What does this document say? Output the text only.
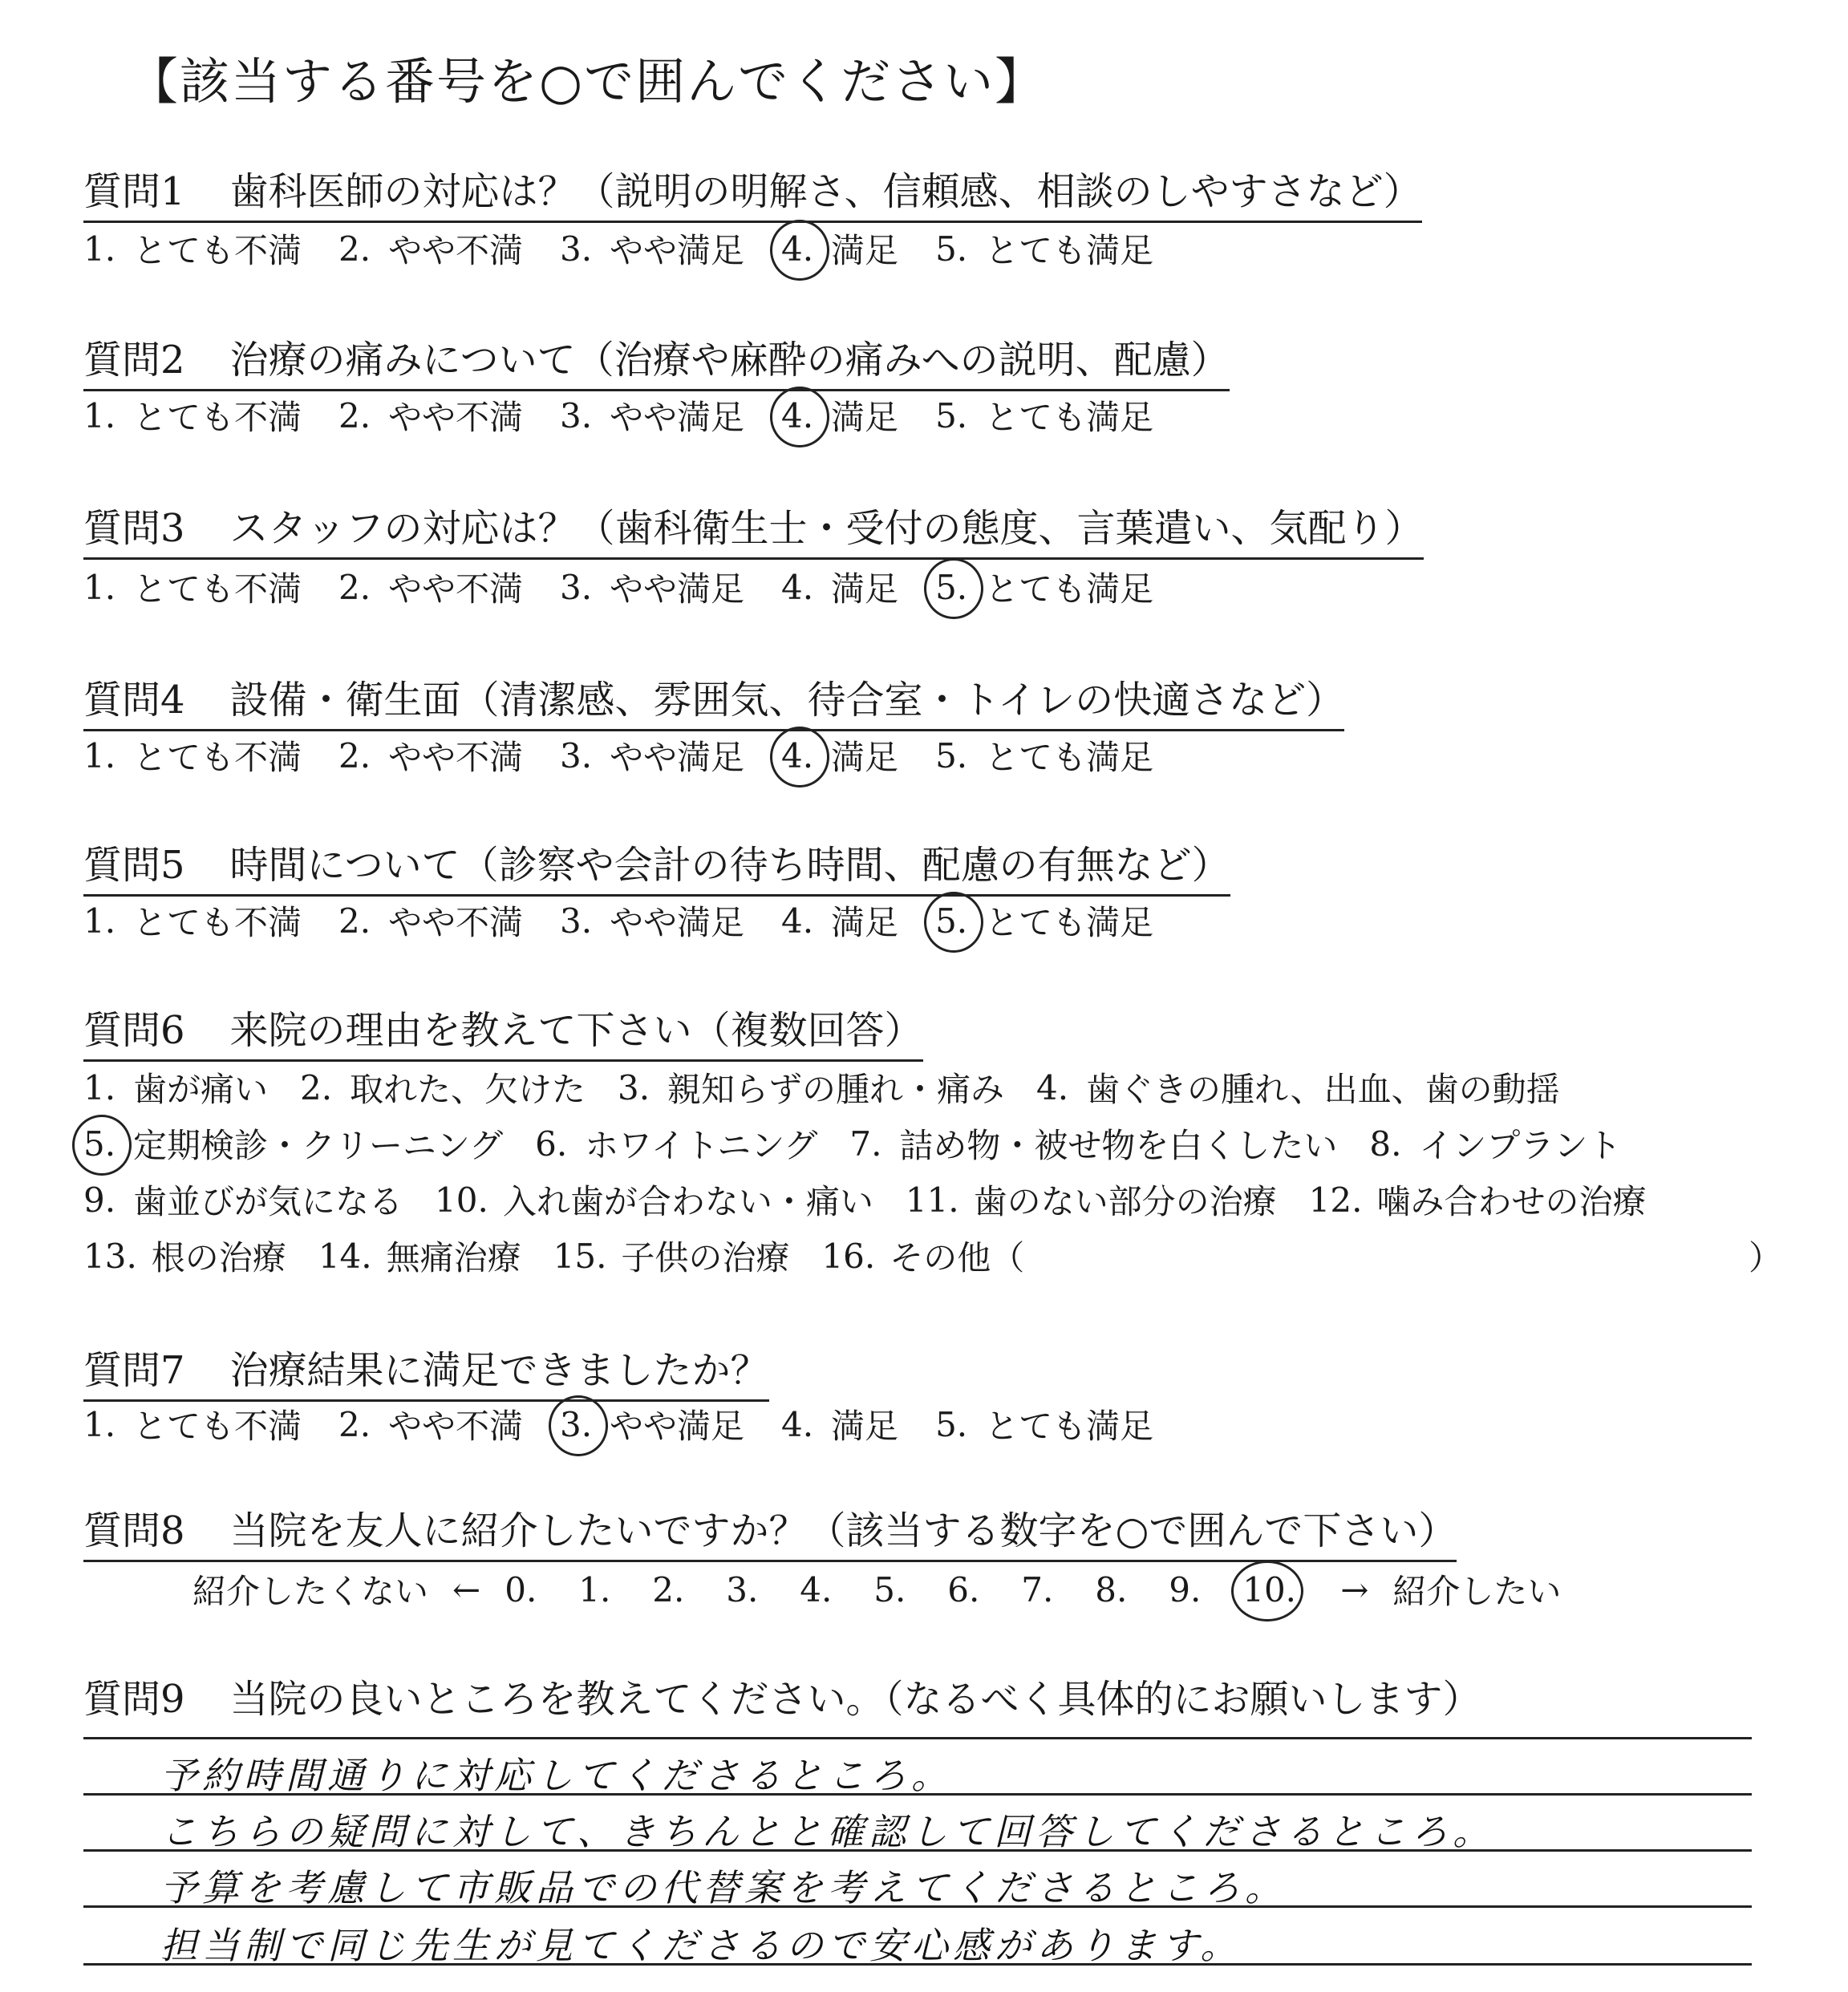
【該当する番号を○で囲んでください】
質問1 歯科医師の対応は？（説明の明解さ、信頼感、相談のしやすさなど）
1. とても不満 2. やや不満 3. やや満足 4. 満足 5. とても満足
質問2 治療の痛みについて（治療や麻酔の痛みへの説明、配慮）
1. とても不満 2. やや不満 3. やや満足 4. 満足 5. とても満足
質問3 スタッフの対応は？（歯科衛生士・受付の態度、言葉遣い、気配り）
1. とても不満 2. やや不満 3. やや満足 4. 満足 5. とても満足
質問4 設備・衛生面（清潔感、雰囲気、待合室・トイレの快適さなど）
1. とても不満 2. やや不満 3. やや満足 4. 満足 5. とても満足
質問5 時間について（診察や会計の待ち時間、配慮の有無など）
1. とても不満 2. やや不満 3. やや満足 4. 満足 5. とても満足
質問6 来院の理由を教えて下さい（複数回答）
1. 歯が痛い 2. 取れた、欠けた 3. 親知らずの腫れ・痛み 4. 歯ぐきの腫れ、出血、歯の動揺
5. 定期検診・クリーニング 6. ホワイトニング 7. 詰め物・被せ物を白くしたい 8. インプラント
9. 歯並びが気になる 10. 入れ歯が合わない・痛い 11. 歯のない部分の治療 12. 噛み合わせの治療
13. 根の治療 14. 無痛治療 15. 子供の治療 16. その他（	）
質問7 治療結果に満足できましたか？
1. とても不満 2. やや不満 3. やや満足 4. 満足 5. とても満足
質問8 当院を友人に紹介したいですか？（該当する数字を○で囲んで下さい）
紹介したくない ← 0.	1.	2.	3.	4.	5.	6.	7.	8.	9.	10. → 紹介したい
質問9 当院の良いところを教えてください。（なるべく具体的にお願いします）
予約時間通りに対応してくださるところ。
こちらの疑問に対して、きちんとと確認して回答してくださるところ。
予算を考慮して市販品での代替案を考えてくださるところ。
担当制で同じ先生が見てくださるので安心感があります。
